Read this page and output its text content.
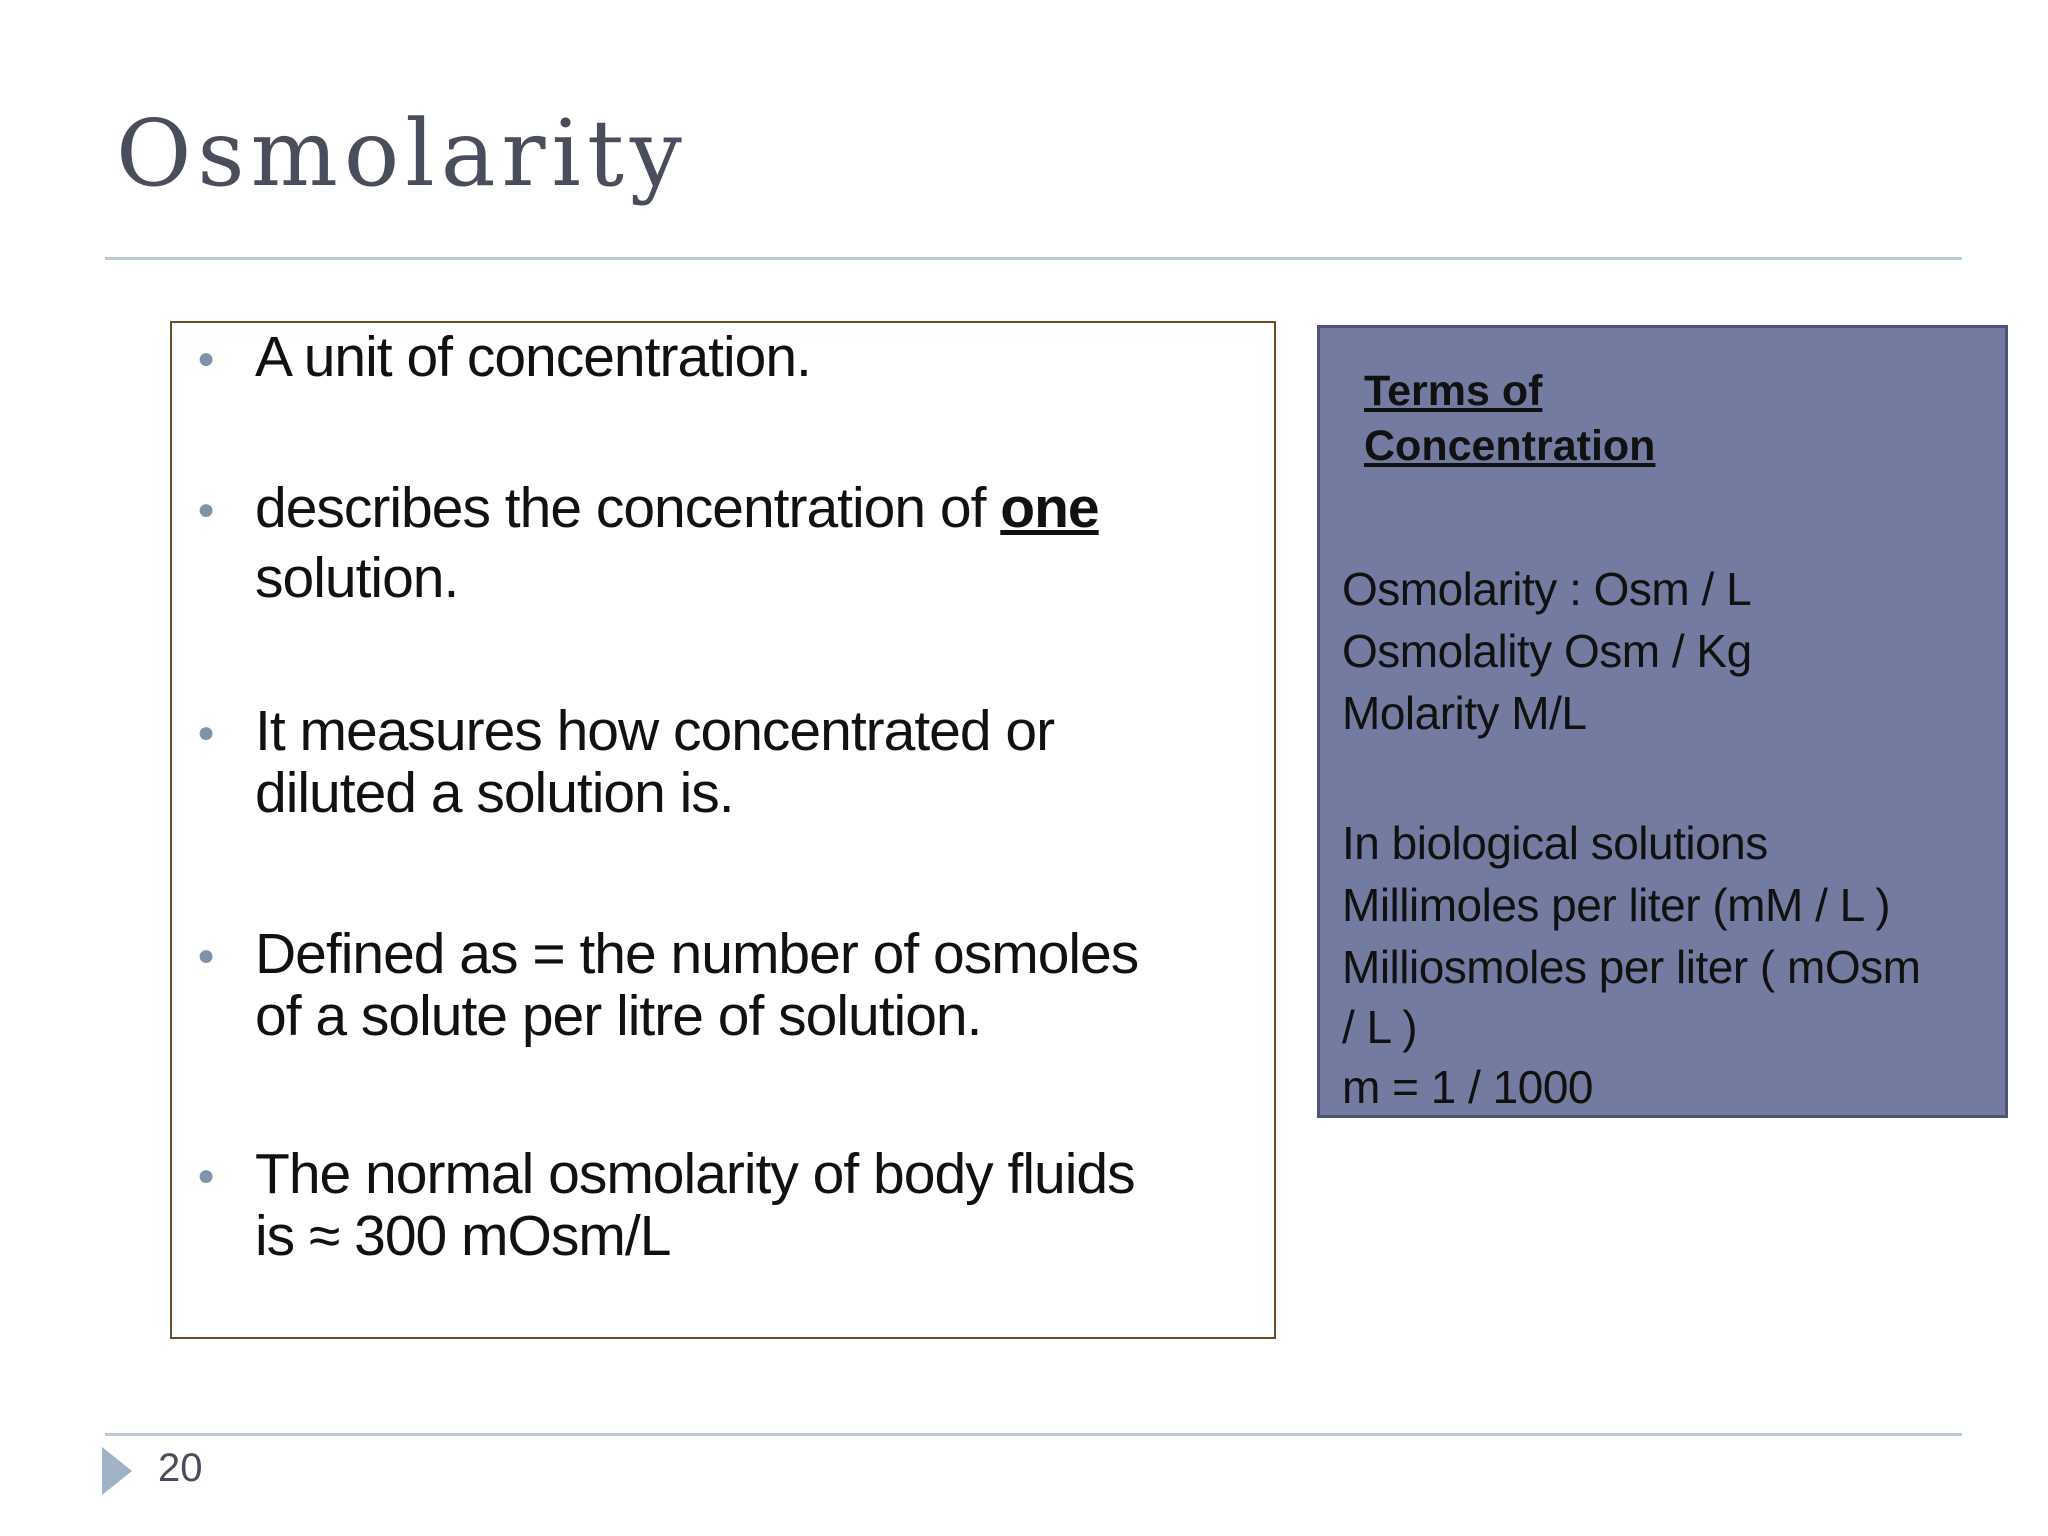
Osmolarity
● A unit of concentration.
● describes the concentration of one solution.
● It measures how concentrated or
diluted a solution is.
● Defined as = the number of osmoles
of a solute per litre of solution.
● The normal osmolarity of body fluids
is ≈ 300 mOsm/L
Terms of
Concentration
Osmolarity : Osm / L
Osmolality Osm / Kg
Molarity M/L
In biological solutions
Millimoles per liter (mM / L )
Milliosmoles per liter ( mOsm
/ L )
m = 1 / 1000
20
